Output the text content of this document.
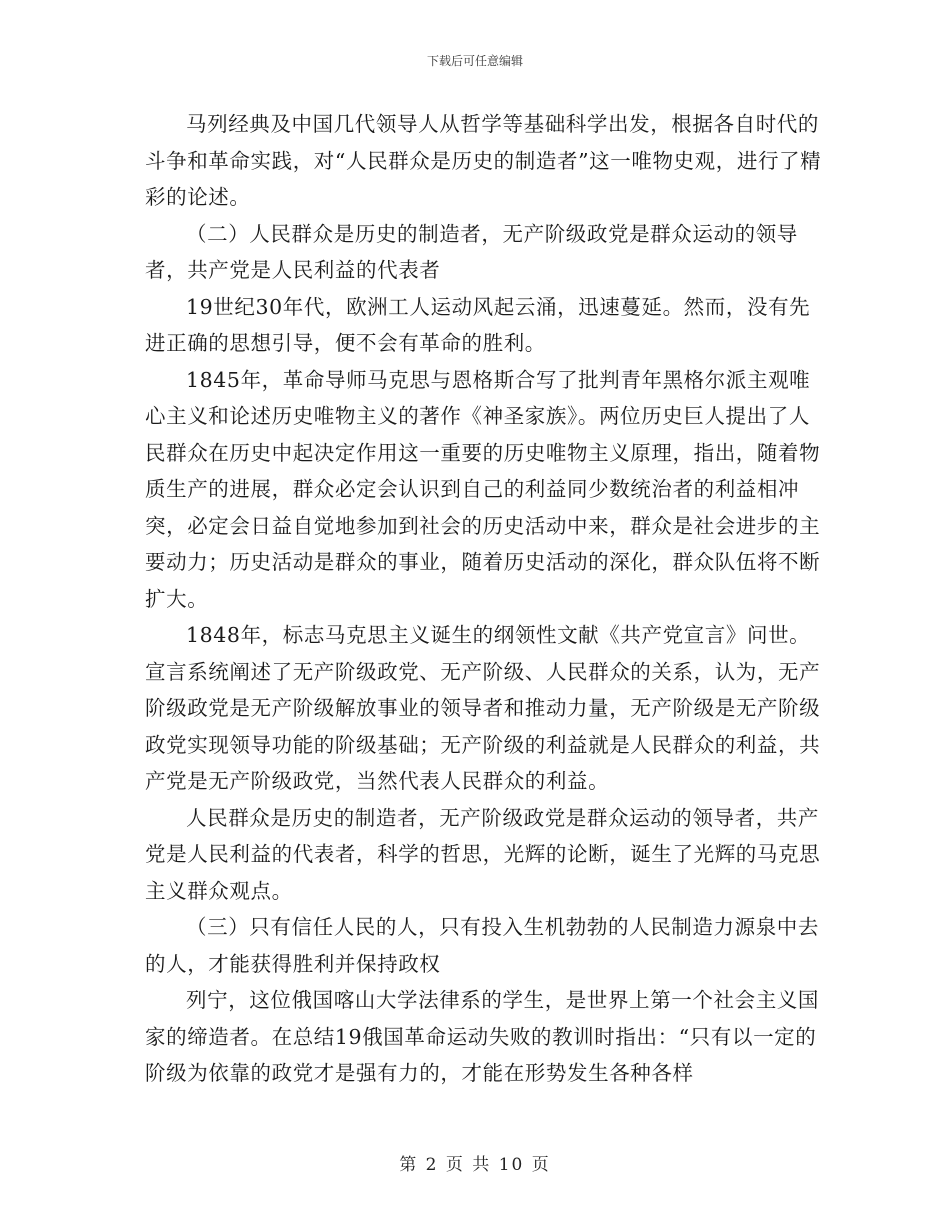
下载后可任意编辑

马列经典及中国几代领导人从哲学等基础科学出发，根据各自时代的斗争和革命实践，对“人民群众是历史的制造者”这一唯物史观，进行了精彩的论述。

（二）人民群众是历史的制造者，无产阶级政党是群众运动的领导者，共产党是人民利益的代表者

19世纪30年代，欧洲工人运动风起云涌，迅速蔓延。然而，没有先进正确的思想引导，便不会有革命的胜利。

1845年，革命导师马克思与恩格斯合写了批判青年黑格尔派主观唯心主义和论述历史唯物主义的著作《神圣家族》。两位历史巨人提出了人民群众在历史中起决定作用这一重要的历史唯物主义原理，指出，随着物质生产的进展，群众必定会认识到自己的利益同少数统治者的利益相冲突，必定会日益自觉地参加到社会的历史活动中来，群众是社会进步的主要动力；历史活动是群众的事业，随着历史活动的深化，群众队伍将不断扩大。

1848年，标志马克思主义诞生的纲领性文献《共产党宣言》问世。宣言系统阐述了无产阶级政党、无产阶级、人民群众的关系，认为，无产阶级政党是无产阶级解放事业的领导者和推动力量，无产阶级是无产阶级政党实现领导功能的阶级基础；无产阶级的利益就是人民群众的利益，共产党是无产阶级政党，当然代表人民群众的利益。

人民群众是历史的制造者，无产阶级政党是群众运动的领导者，共产党是人民利益的代表者，科学的哲思，光辉的论断，诞生了光辉的马克思主义群众观点。

（三）只有信任人民的人，只有投入生机勃勃的人民制造力源泉中去的人，才能获得胜利并保持政权

列宁，这位俄国喀山大学法律系的学生，是世界上第一个社会主义国家的缔造者。在总结19俄国革命运动失败的教训时指出：“只有以一定的阶级为依靠的政党才是强有力的，才能在形势发生各种各样

第 2 页 共 10 页
